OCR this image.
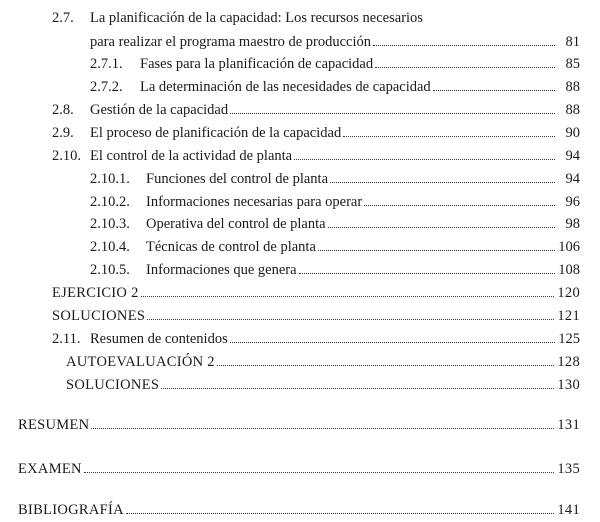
2.7. La planificación de la capacidad: Los recursos necesarios
para realizar el programa maestro de producción	81
2.7.1.	Fases para la planificación de capacidad	85
2.7.2.	La determinación de las necesidades de capacidad	88
2.8.	Gestión de la capacidad	88
2.9.	El proceso de planificación de la capacidad	90
2.10. El control de la actividad de planta	94
2.10.1.	Funciones del control de planta	94
2.10.2.	Informaciones necesarias para operar	96
2.10.3.	Operativa del control de planta	98
2.10.4.	Técnicas de control de planta	106
2.10.5.	Informaciones que genera	108
EJERCICIO 2	120
SOLUCIONES	121
2.11. Resumen de contenidos	125
AUTOEVALUACIÓN 2	128
SOLUCIONES	130
RESUMEN	131
EXAMEN	135
BIBLIOGRAFÍA	141
